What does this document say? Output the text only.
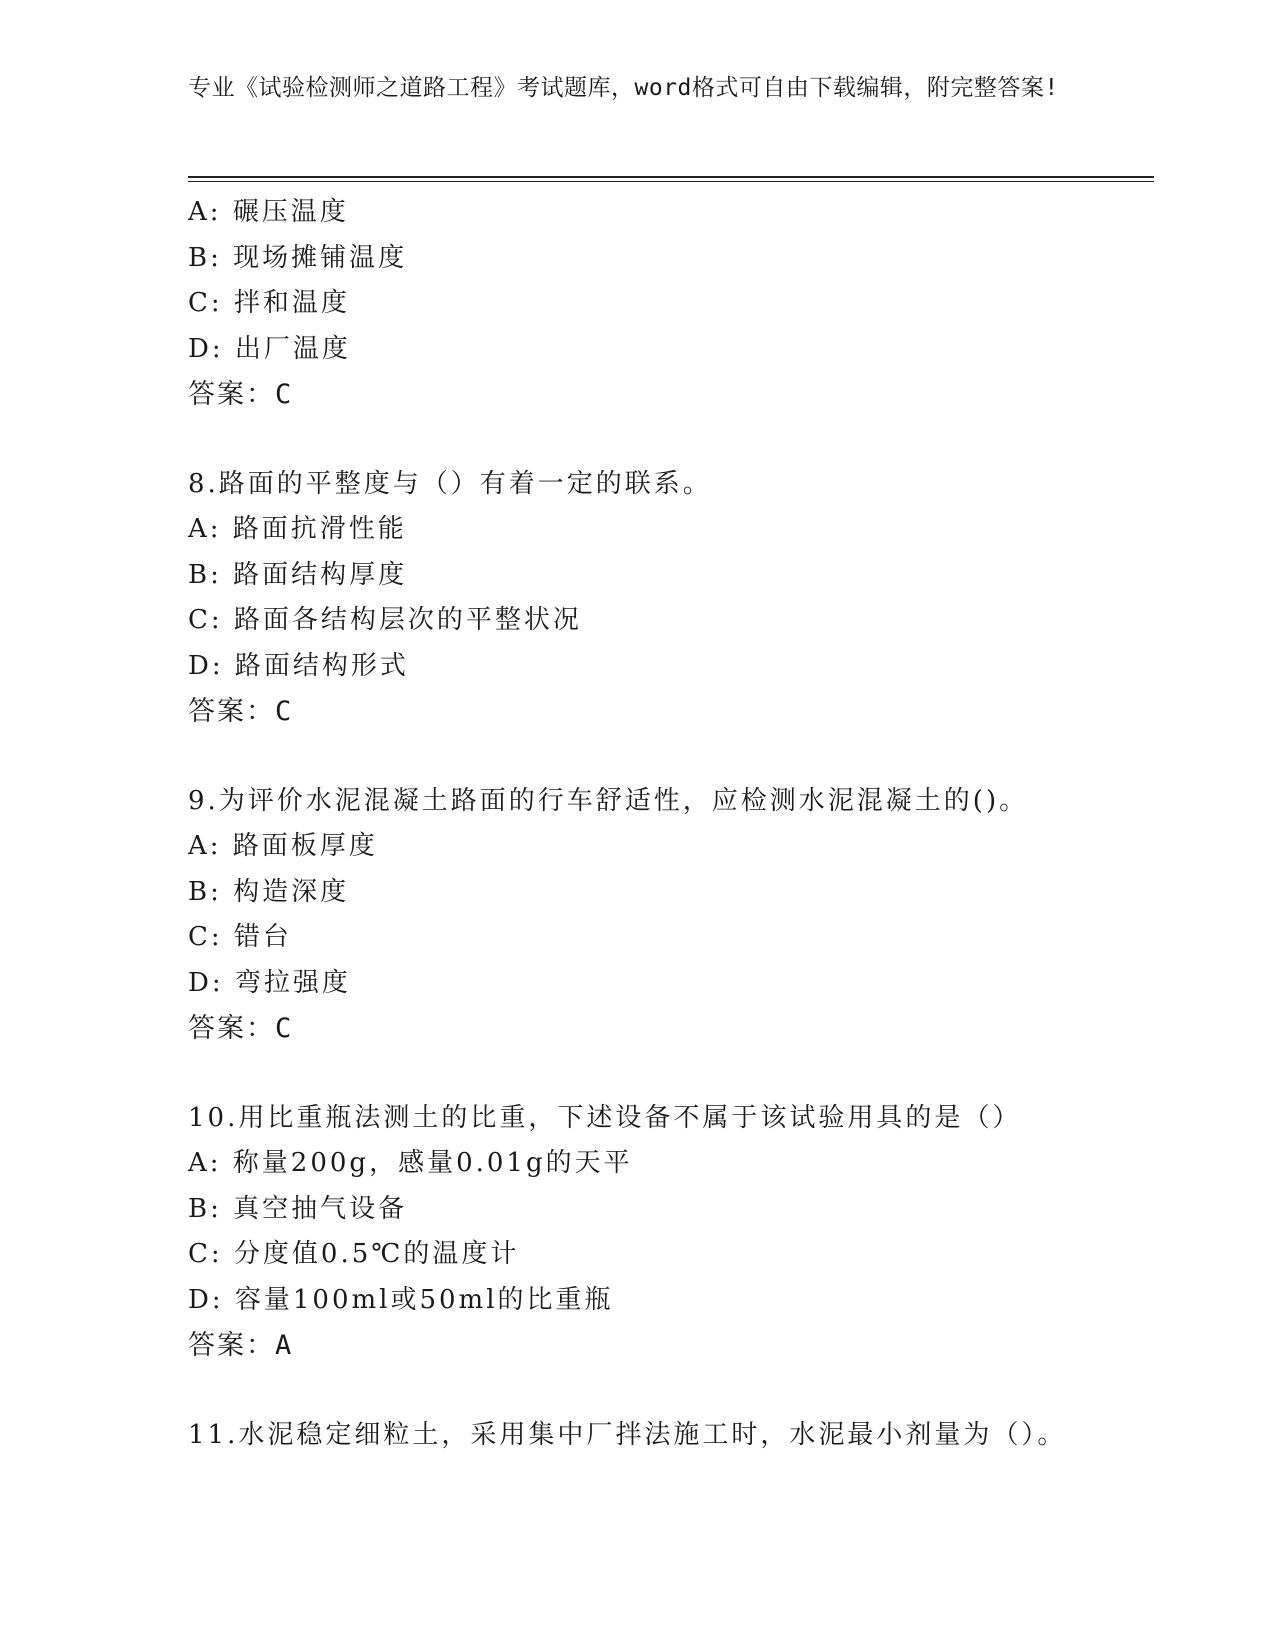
专业《试验检测师之道路工程》考试题库，word格式可自由下载编辑，附完整答案!
A: 碾压温度
B: 现场摊铺温度
C: 拌和温度
D: 出厂温度
答案：C
8.路面的平整度与（）有着一定的联系。
A: 路面抗滑性能
B: 路面结构厚度
C: 路面各结构层次的平整状况
D: 路面结构形式
答案：C
9.为评价水泥混凝土路面的行车舒适性，应检测水泥混凝土的()。
A: 路面板厚度
B: 构造深度
C: 错台
D: 弯拉强度
答案：C
10.用比重瓶法测土的比重，下述设备不属于该试验用具的是（）
A: 称量200g，感量0.01g的天平
B: 真空抽气设备
C: 分度值0.5℃的温度计
D: 容量100ml或50ml的比重瓶
答案：A
11.水泥稳定细粒土，采用集中厂拌法施工时，水泥最小剂量为（）。
